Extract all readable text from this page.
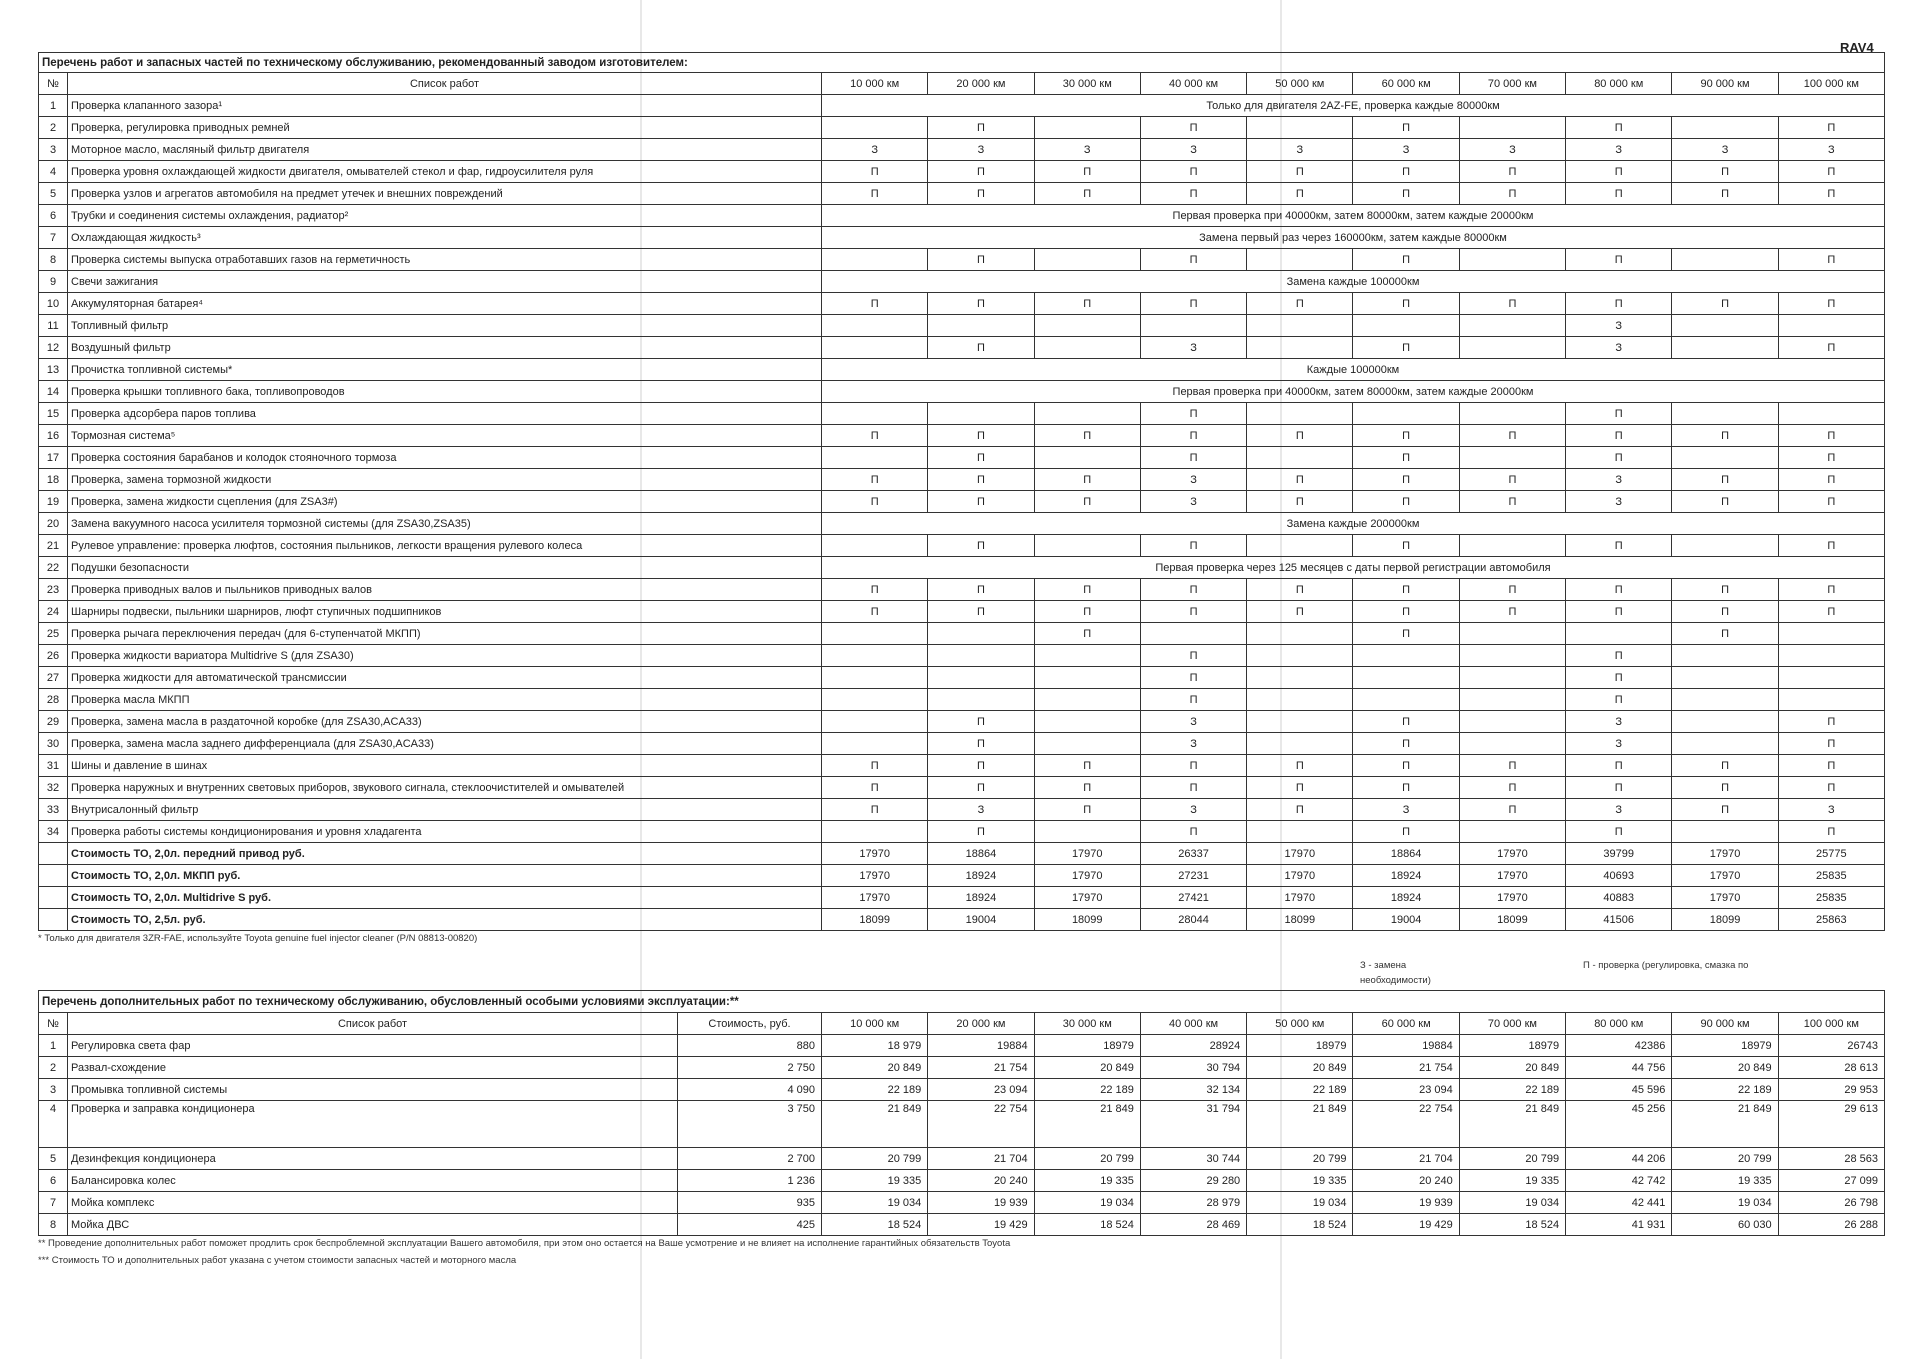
RAV4
Перечень работ и запасных частей по техническому обслуживанию, рекомендованный заводом изготовителем:											
№	Список работ	10 000 км	20 000 км	30 000 км	40 000 км	50 000 км	60 000 км	70 000 км	80 000 км	90 000 км	100 000 км
1	Проверка клапанного зазора¹	Только для двигателя 2AZ-FE, проверка каждые 80000км									
2	Проверка, регулировка приводных ремней		П		П		П		П		П
3	Моторное масло, масляный фильтр двигателя	З	З	З	З	З	З	З	З	З	З
4	Проверка уровня охлаждающей жидкости двигателя, омывателей стекол и фар, гидроусилителя руля	П	П	П	П	П	П	П	П	П	П
5	Проверка узлов и агрегатов автомобиля на предмет утечек и внешних повреждений	П	П	П	П	П	П	П	П	П	П
6	Трубки и соединения системы охлаждения, радиатор²	Первая проверка при 40000км, затем 80000км, затем каждые 20000км									
7	Охлаждающая жидкость³	Замена первый раз через 160000км, затем каждые 80000км									
8	Проверка системы выпуска отработавших газов на герметичность		П		П		П		П		П
9	Свечи зажигания	Замена каждые 100000км									
10	Аккумуляторная батарея⁴	П	П	П	П	П	П	П	П	П	П
11	Топливный фильтр								З		
12	Воздушный фильтр		П		З		П		З		П
13	Прочистка топливной системы*	Каждые 100000км									
14	Проверка крышки топливного бака, топливопроводов	Первая проверка при 40000км, затем 80000км, затем каждые 20000км									
15	Проверка адсорбера паров топлива				П				П		
16	Тормозная система⁵	П	П	П	П	П	П	П	П	П	П
17	Проверка состояния барабанов и колодок стояночного тормоза		П		П		П		П		П
18	Проверка, замена тормозной жидкости	П	П	П	З	П	П	П	З	П	П
19	Проверка, замена жидкости сцепления (для ZSA3#)	П	П	П	З	П	П	П	З	П	П
20	Замена вакуумного насоса усилителя тормозной системы (для ZSA30,ZSA35)	Замена каждые 200000км									
21	Рулевое управление: проверка люфтов, состояния пыльников, легкости вращения рулевого колеса		П		П		П		П		П
22	Подушки безопасности	Первая проверка через 125 месяцев с даты первой регистрации автомобиля									
23	Проверка приводных валов и пыльников приводных валов	П	П	П	П	П	П	П	П	П	П
24	Шарниры подвески, пыльники шарниров, люфт ступичных подшипников	П	П	П	П	П	П	П	П	П	П
25	Проверка рычага переключения передач (для 6-ступенчатой МКПП)			П			П			П	
26	Проверка жидкости вариатора Multidrive S (для ZSA30)				П				П		
27	Проверка жидкости для автоматической трансмиссии				П				П		
28	Проверка масла МКПП				П				П		
29	Проверка, замена масла в раздаточной коробке (для ZSA30,ACA33)		П		З		П		З		П
30	Проверка, замена масла заднего дифференциала (для ZSA30,ACA33)		П		З		П		З		П
31	Шины и давление в шинах	П	П	П	П	П	П	П	П	П	П
32	Проверка наружных и внутренних световых приборов, звукового сигнала, стеклоочистителей и омывателей	П	П	П	П	П	П	П	П	П	П
33	Внутрисалонный фильтр	П	З	П	З	П	З	П	З	П	З
34	Проверка работы системы кондиционирования и уровня хладагента		П		П		П		П		П
	Стоимость ТО, 2,0л. передний привод руб.	17970	18864	17970	26337	17970	18864	17970	39799	17970	25775
	Стоимость ТО, 2,0л. МКПП руб.	17970	18924	17970	27231	17970	18924	17970	40693	17970	25835
	Стоимость ТО, 2,0л. Multidrive S руб.	17970	18924	17970	27421	17970	18924	17970	40883	17970	25835
	Стоимость ТО, 2,5л. руб.	18099	19004	18099	28044	18099	19004	18099	41506	18099	25863
* Только для двигателя 3ZR-FAE, используйте Toyota genuine fuel injector cleaner (P/N 08813-00820)
З - замена
необходимости)
П - проверка (регулировка, смазка по
Перечень дополнительных работ по техническому обслуживанию, обусловленный особыми условиями эксплуатации:**												
№	Список работ	Стоимость, руб.	10 000 км	20 000 км	30 000 км	40 000 км	50 000 км	60 000 км	70 000 км	80 000 км	90 000 км	100 000 км
1	Регулировка света фар	880	18 979	19884	18979	28924	18979	19884	18979	42386	18979	26743
2	Развал-схождение	2 750	20 849	21 754	20 849	30 794	20 849	21 754	20 849	44 756	20 849	28 613
3	Промывка топливной системы	4 090	22 189	23 094	22 189	32 134	22 189	23 094	22 189	45 596	22 189	29 953
4	Проверка и заправка кондиционера	3 750	21 849	22 754	21 849	31 794	21 849	22 754	21 849	45 256	21 849	29 613
5	Дезинфекция кондиционера	2 700	20 799	21 704	20 799	30 744	20 799	21 704	20 799	44 206	20 799	28 563
6	Балансировка колес	1 236	19 335	20 240	19 335	29 280	19 335	20 240	19 335	42 742	19 335	27 099
7	Мойка комплекс	935	19 034	19 939	19 034	28 979	19 034	19 939	19 034	42 441	19 034	26 798
8	Мойка ДВС	425	18 524	19 429	18 524	28 469	18 524	19 429	18 524	41 931	60 030	26 288
** Проведение дополнительных работ поможет продлить срок беспроблемной эксплуатации Вашего автомобиля, при этом оно остается на Ваше усмотрение и не влияет на исполнение гарантийных обязательств Toyota
*** Стоимость ТО и дополнительных работ указана с учетом стоимости запасных частей и моторного масла
